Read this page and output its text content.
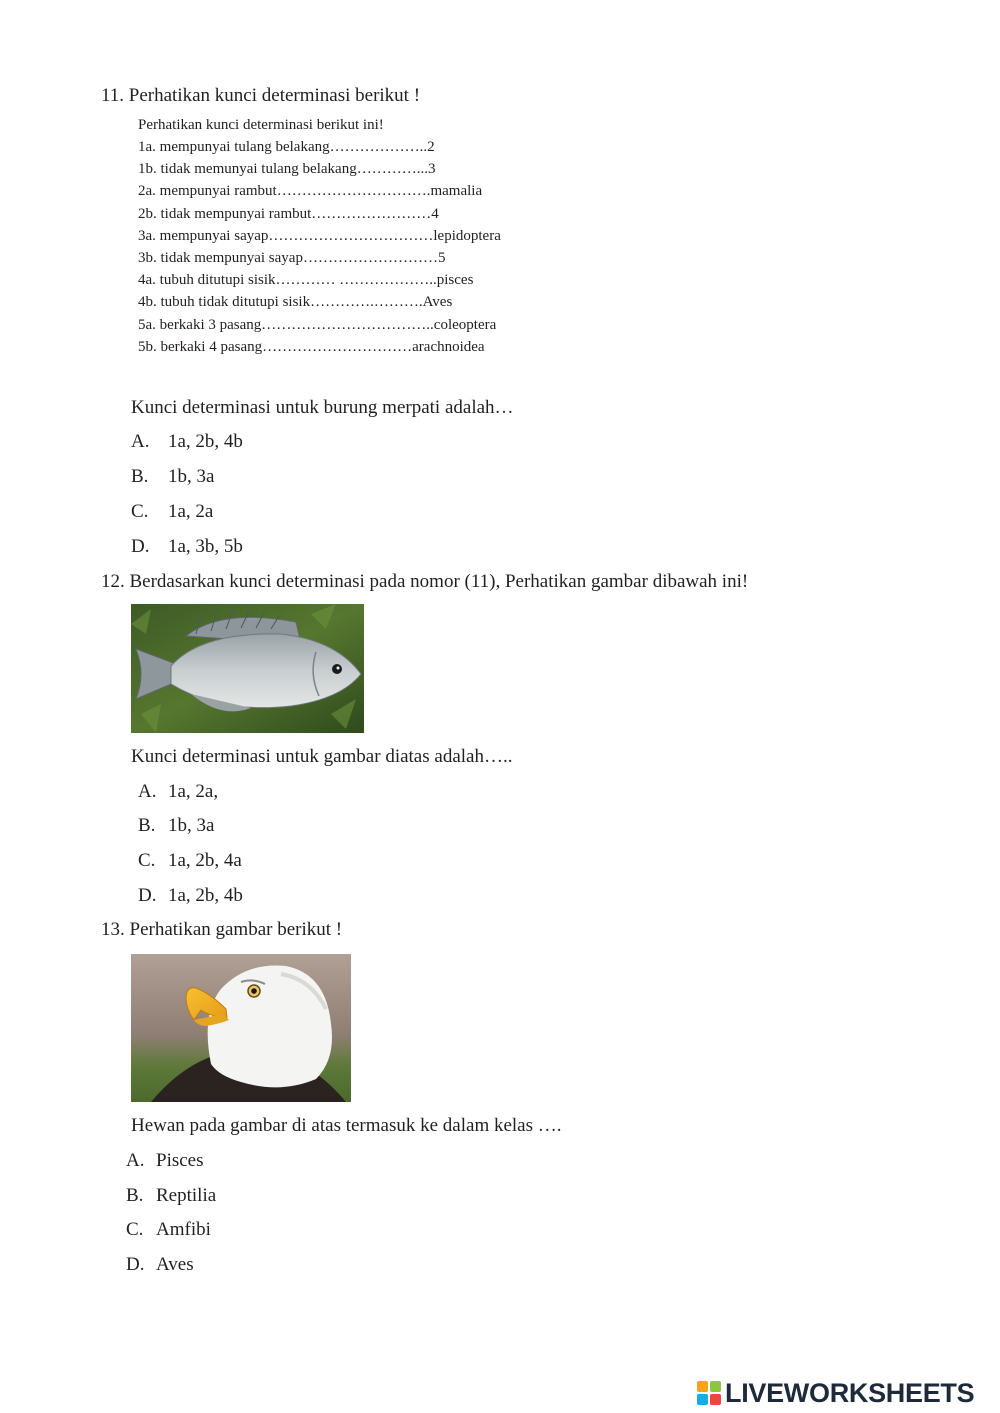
11. Perhatikan kunci determinasi berikut !
Perhatikan kunci determinasi berikut ini!
1a. mempunyai tulang belakang………………..2
1b. tidak memunyai tulang belakang…………...3
2a. mempunyai rambut………………………….mamalia
2b. tidak mempunyai rambut……………………4
3a. mempunyai sayap……………………………lepidoptera
3b. tidak mempunyai sayap………………………5
4a. tubuh ditutupi sisik………… ………………..pisces
4b. tubuh tidak ditutupi sisik………….……….Aves
5a. berkaki 3 pasang……………………………..coleoptera
5b. berkaki 4 pasang…………………………arachnoidea
Kunci determinasi untuk burung merpati adalah…
A. 1a, 2b, 4b
B. 1b, 3a
C. 1a, 2a
D. 1a, 3b, 5b
12. Berdasarkan kunci determinasi pada nomor (11), Perhatikan gambar dibawah ini!
Kunci determinasi untuk gambar diatas adalah…..
A. 1a, 2a,
B. 1b, 3a
C. 1a, 2b, 4a
D. 1a, 2b, 4b
13. Perhatikan gambar berikut !
Hewan pada gambar di atas termasuk ke dalam kelas ….
A. Pisces
B. Reptilia
C. Amfibi
D. Aves
LIVEWORKSHEETS
